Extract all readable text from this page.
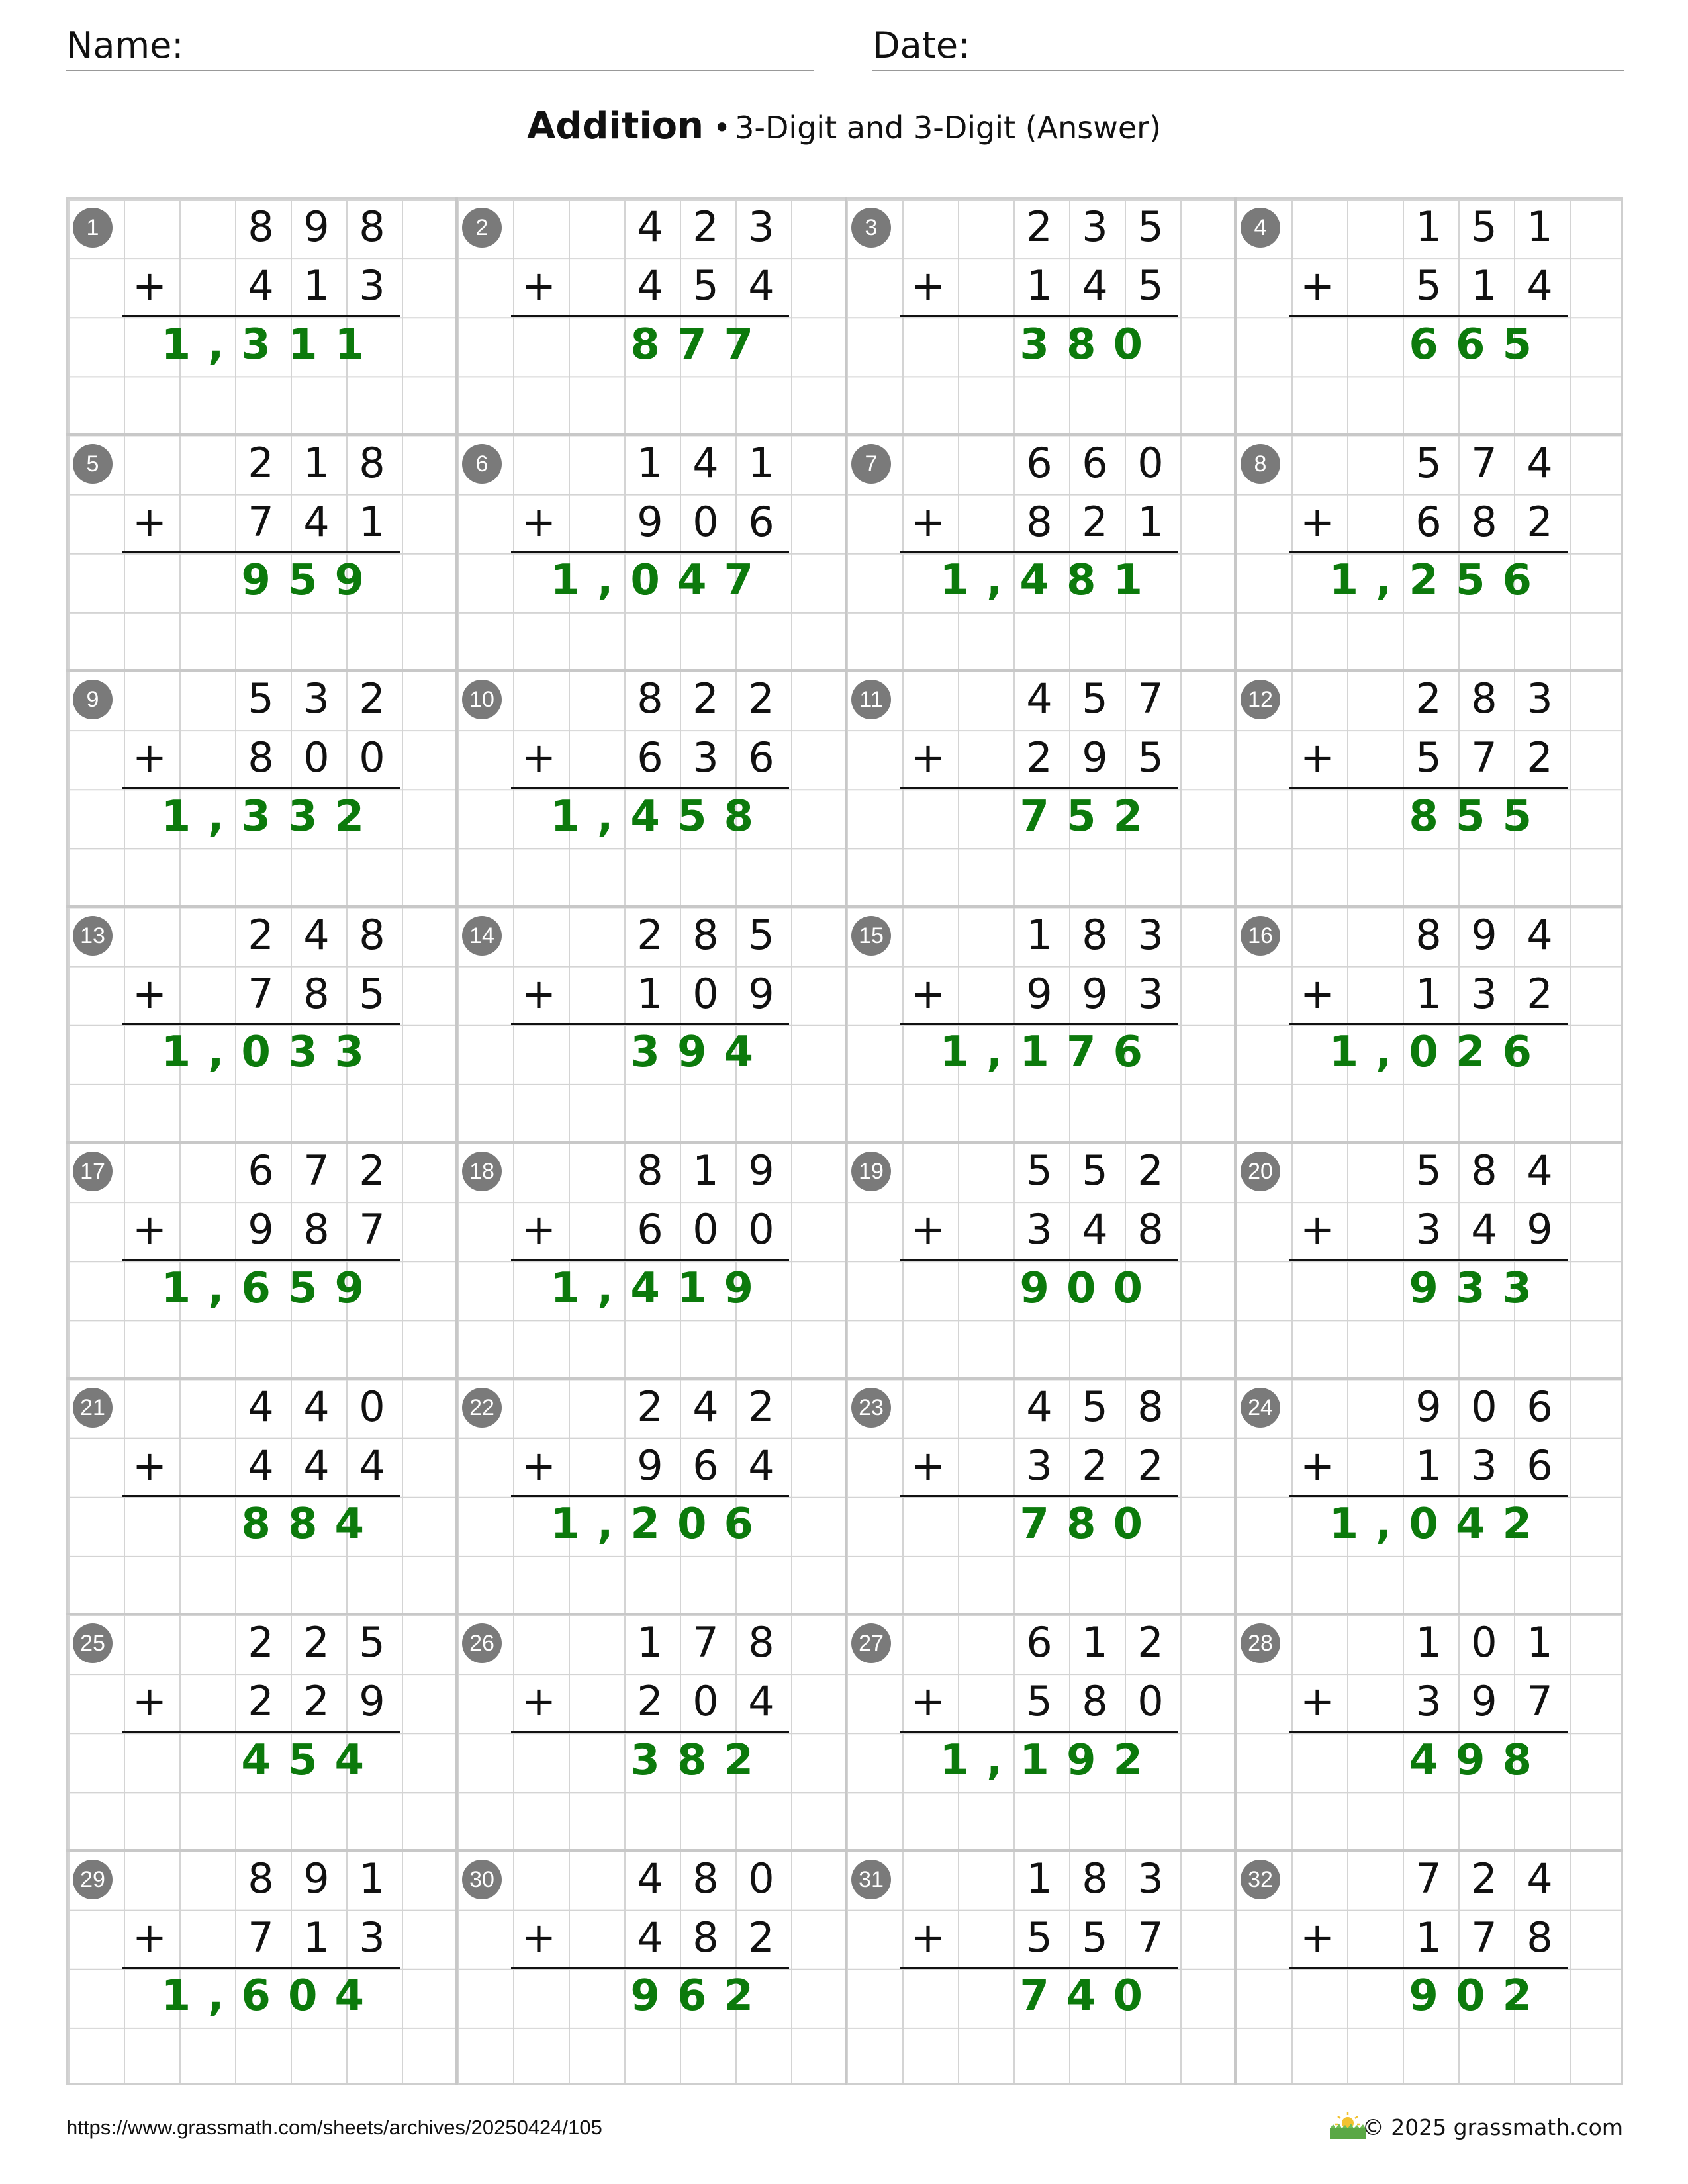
Name:	Date:
Addition • 3-Digit and 3-Digit (Answer)
1	8 9 8
4 1 3
+
1,311
2	4 2 3
4 5 4
+
877
3	2 3 5
1 4 5
+
380
4	1 5 1
5 1 4
+
665
5	2 1 8
7 4 1
+
959
6	1 4 1
9 0 6
+
1,047
7	6 6 0
8 2 1
+
1,481
8	5 7 4
6 8 2
+
1,256
9	5 3 2
8 0 0
+
1,332
10	8 2 2
6 3 6
+
1,458
11	4 5 7
2 9 5
+
752
12	2 8 3
5 7 2
+
855
13	2 4 8
7 8 5
+
1,033
14	2 8 5
1 0 9
+
394
15	1 8 3
9 9 3
+
1,176
16	8 9 4
1 3 2
+
1,026
17	6 7 2
9 8 7
+
1,659
18	8 1 9
6 0 0
+
1,419
19	5 5 2
3 4 8
+
900
20	5 8 4
3 4 9
+
933
21	4 4 0
4 4 4
+
884
22	2 4 2
9 6 4
+
1,206
23	4 5 8
3 2 2
+
780
24	9 0 6
1 3 6
+
1,042
25	2 2 5
2 2 9
+
454
26	1 7 8
2 0 4
+
382
27	6 1 2
5 8 0
+
1,192
28	1 0 1
3 9 7
+
498
29	8 9 1
7 1 3
+
1,604
30	4 8 0
4 8 2
+
962
31	1 8 3
5 5 7
+
740
32	7 2 4
1 7 8
+
902
https://www.grassmath.com/sheets/archives/20250424/105	© 2025 grassmath.com
